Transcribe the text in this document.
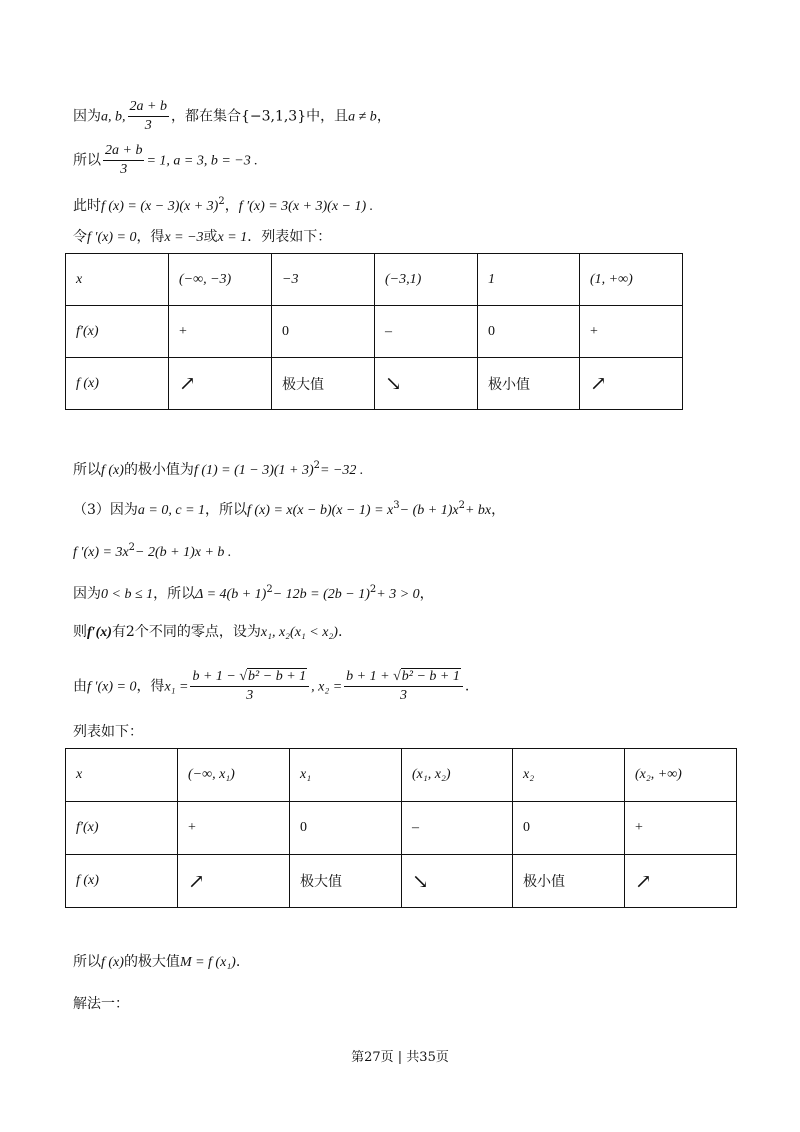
因为a, b, $\frac{2a + b}{3}$ ，都在集合{−3,1,3}中，且a ≠ b，
所以 $\frac{2a + b}{3} = 1$, a = 3, b = −3 .
此时f $(x) = (x - 3)(x + 3)^2$，f ′(x) = 3(x + 3)(x − 1) .
令f ′(x) = 0，得x = −3或x = 1．列表如下：
x	(−∞, −3)	−3	(−3,1)	1	(1, +∞)
f′(x)	+	0	–	0	+
f (x)	↗	极大值	↘	极小值	↗
所以f (x)的极小值为f $(1) = (1 - 3)(1 + 3)^2= -32$ .
（3）因为a = 0, c = 1，所以f $(x) = x(x - b)(x - 1) = x^3- (b + 1)x^2+$ bx，
f $'(x) = 3x^2- 2(b + 1)x + b$ .
因为0 < b ≤ 1，所以$\Delta = 4(b + 1)^2- 12b = (2b - 1)^2+ 3 > 0$，
则f′(x)有2个不同的零点，设为x₁, x₂(x₁ < x₂).
由f ′(x) = 0，得$x_1 = \frac{\text{b + 1 − √b² − b + 1}}{3}$ , $x_2 = \frac{\text{b + 1 + √b² − b + 1}}{3}$ .
列表如下：
x	(−∞, x₁)	x₁	(x₁, x₂)	x₂	(x₂, +∞)
f′(x)	+	0	–	0	+
f (x)	↗	极大值	↘	极小值	↗
所以f (x)的极大值M = f (x₁).
解法一：
第27页 | 共35页
